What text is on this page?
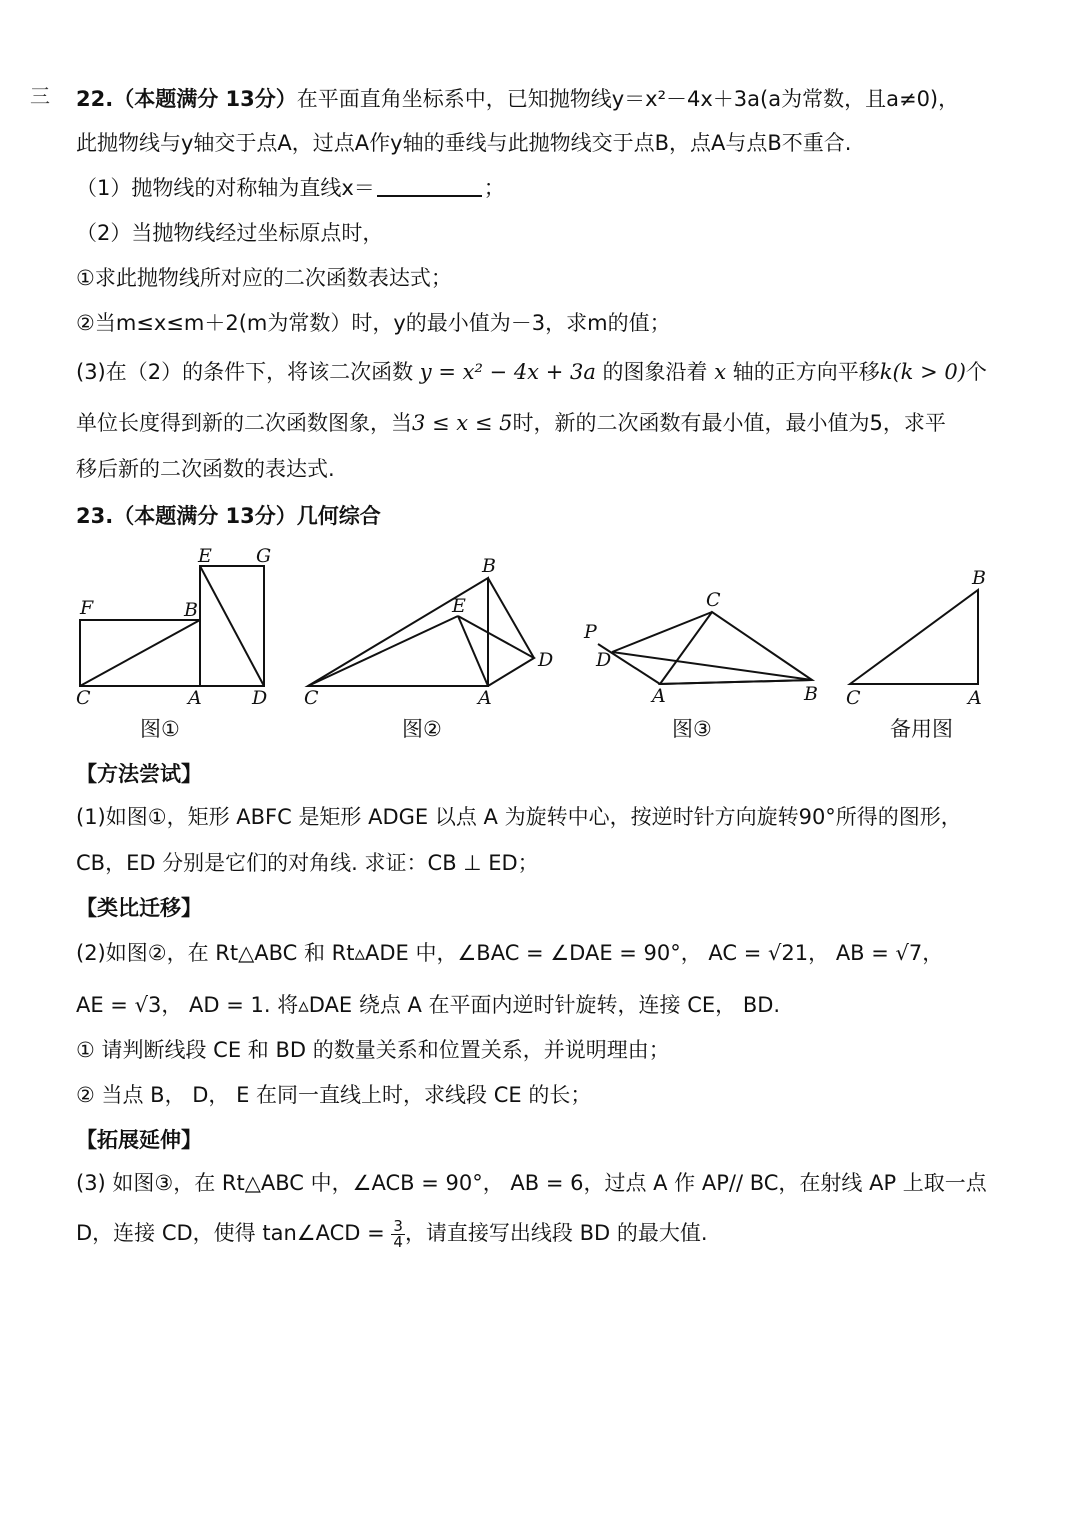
三 22.（本题满分 13分）在平面直角坐标系中，已知抛物线y＝x²－4x＋3a(a为常数，且a≠0)，
此抛物线与y轴交于点A，过点A作y轴的垂线与此抛物线交于点B，点A与点B不重合.
（1）抛物线的对称轴为直线x＝	；
（2）当抛物线经过坐标原点时，
①求此抛物线所对应的二次函数表达式；
②当m≤x≤m＋2(m为常数）时，y的最小值为－3，求m的值；
(3)在（2）的条件下，将该二次函数 y = x² − 4x + 3a 的图象沿着 x 轴的正方向平移k(k > 0)个
单位长度得到新的二次函数图象，当3 ≤ x ≤ 5时，新的二次函数有最小值，最小值为5，求平
移后新的二次函数的表达式.
23.（本题满分 13分）几何综合
E G
F	B
C	A	D
B
E
D
C	A
C
P
D
A	B
B
C	A
图①	图②	图③	备用图
【方法尝试】
(1)如图①，矩形 ABFC 是矩形 ADGE 以点 A 为旋转中心，按逆时针方向旋转90°所得的图形，
CB，ED 分别是它们的对角线. 求证：CB ⊥ ED；
【类比迁移】
(2)如图②，在 Rt△ABC 和 Rt▵ADE 中，∠BAC = ∠DAE = 90°， AC = √21， AB = √7，
AE = √3， AD = 1. 将▵DAE 绕点 A 在平面内逆时针旋转，连接 CE， BD.
① 请判断线段 CE 和 BD 的数量关系和位置关系，并说明理由；
② 当点 B， D， E 在同一直线上时，求线段 CE 的长；
【拓展延伸】
(3) 如图③，在 Rt△ABC 中，∠ACB = 90°， AB = 6，过点 A 作 AP// BC，在射线 AP 上取一点
D，连接 CD，使得 tan∠ACD = $\frac{3}{4}$ ，请直接写出线段 BD 的最大值.
